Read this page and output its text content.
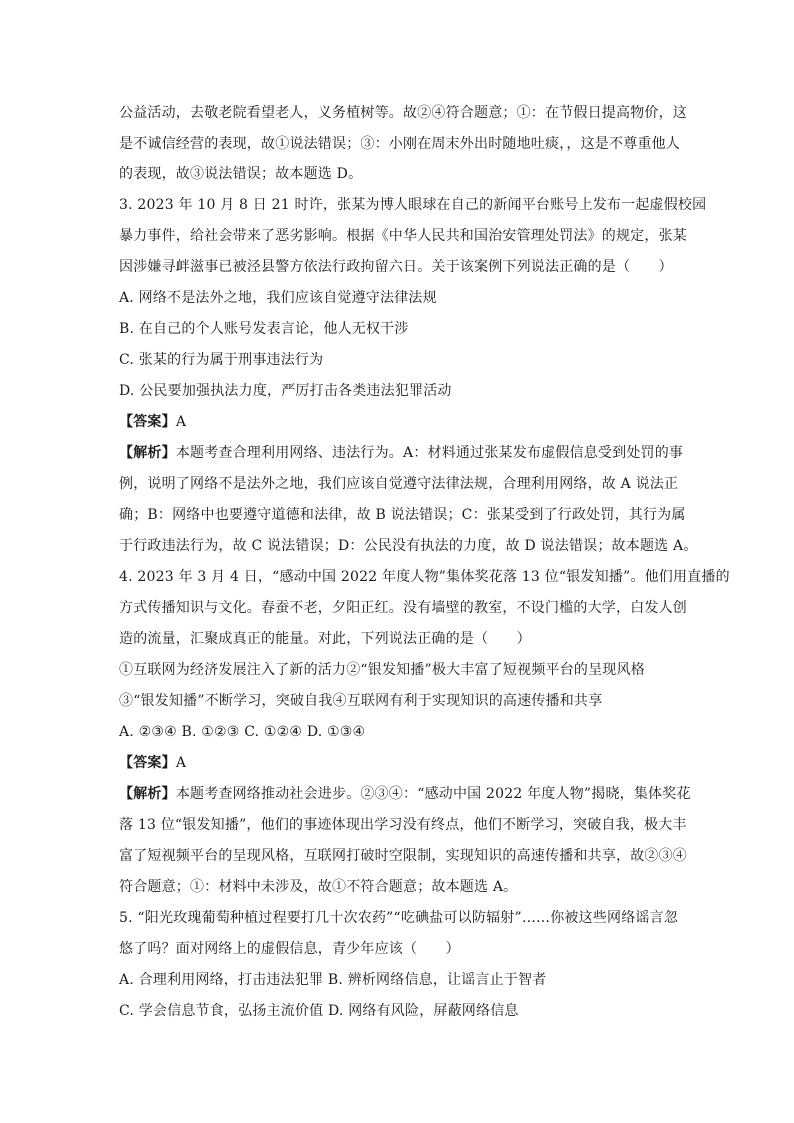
公益活动，去敬老院看望老人，义务植树等。故②④符合题意；①：在节假日提高物价，这
是不诚信经营的表现，故①说法错误；③：小刚在周末外出时随地吐痰，，这是不尊重他人
的表现，故③说法错误；故本题选 D。
3. 2023 年 10 月 8 日 21 时许，张某为博人眼球在自己的新闻平台账号上发布一起虚假校园
暴力事件，给社会带来了恶劣影响。根据《中华人民共和国治安管理处罚法》的规定，张某
因涉嫌寻衅滋事已被泾县警方依法行政拘留六日。关于该案例下列说法正确的是（　　）
A. 网络不是法外之地，我们应该自觉遵守法律法规
B. 在自己的个人账号发表言论，他人无权干涉
C. 张某的行为属于刑事违法行为
D. 公民要加强执法力度，严厉打击各类违法犯罪活动
【答案】A
【解析】本题考查合理利用网络、违法行为。A：材料通过张某发布虚假信息受到处罚的事
例，说明了网络不是法外之地，我们应该自觉遵守法律法规，合理利用网络，故 A 说法正
确；B：网络中也要遵守道德和法律，故 B 说法错误；C：张某受到了行政处罚，其行为属
于行政违法行为，故 C 说法错误；D：公民没有执法的力度，故 D 说法错误；故本题选 A。
4. 2023 年 3 月 4 日，“感动中国 2022 年度人物”集体奖花落 13 位“银发知播”。他们用直播的
方式传播知识与文化。春蚕不老，夕阳正红。没有墙壁的教室，不设门槛的大学，白发人创
造的流量，汇聚成真正的能量。对此，下列说法正确的是（　　）
①互联网为经济发展注入了新的活力②“银发知播”极大丰富了短视频平台的呈现风格
③“银发知播”不断学习，突破自我④互联网有利于实现知识的高速传播和共享
A. ②③④ B. ①②③ C. ①②④ D. ①③④
【答案】A
【解析】本题考查网络推动社会进步。②③④：“感动中国 2022 年度人物”揭晓，集体奖花
落 13 位“银发知播”，他们的事迹体现出学习没有终点，他们不断学习，突破自我，极大丰
富了短视频平台的呈现风格，互联网打破时空限制，实现知识的高速传播和共享，故②③④
符合题意；①：材料中未涉及，故①不符合题意；故本题选 A。
5. “阳光玫瑰葡萄种植过程要打几十次农药”“吃碘盐可以防辐射”……你被这些网络谣言忽
悠了吗？面对网络上的虚假信息，青少年应该（　　）
A. 合理利用网络，打击违法犯罪 B. 辨析网络信息，让谣言止于智者
C. 学会信息节食，弘扬主流价值 D. 网络有风险，屏蔽网络信息
